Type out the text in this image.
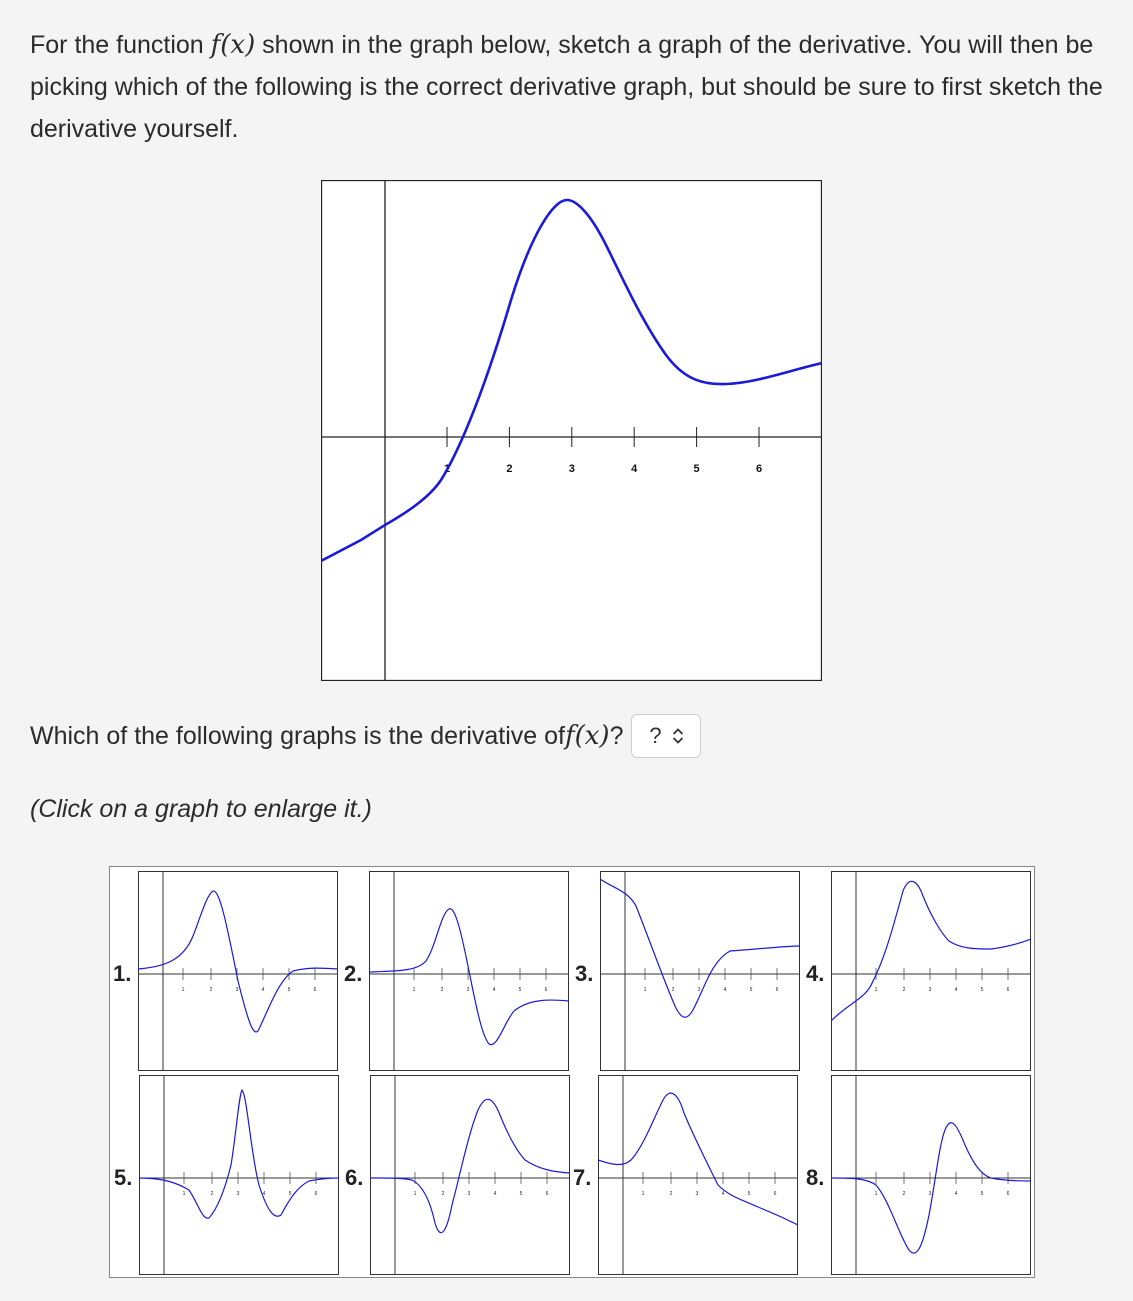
For the function f(x) shown in the graph below, sketch a graph of the derivative. You will then be picking which of the following is the correct derivative graph, but should be sure to first sketch the derivative yourself.
1	2	3	4	5	6
Which of the following graphs is the derivative of f(x) ? ?
(Click on a graph to enlarge it.)
1	2	3	4	5	6
1.
1	2	3	4	5	6
2.
1	2	3	4	5	6
3.
1	2	3	4	5	6
4.
1	2	3	4	5	6
5.
1	2	3	4	5	6
6.
1	2	3	4	5	6
7.
1	2	3	4	5	6
8.
